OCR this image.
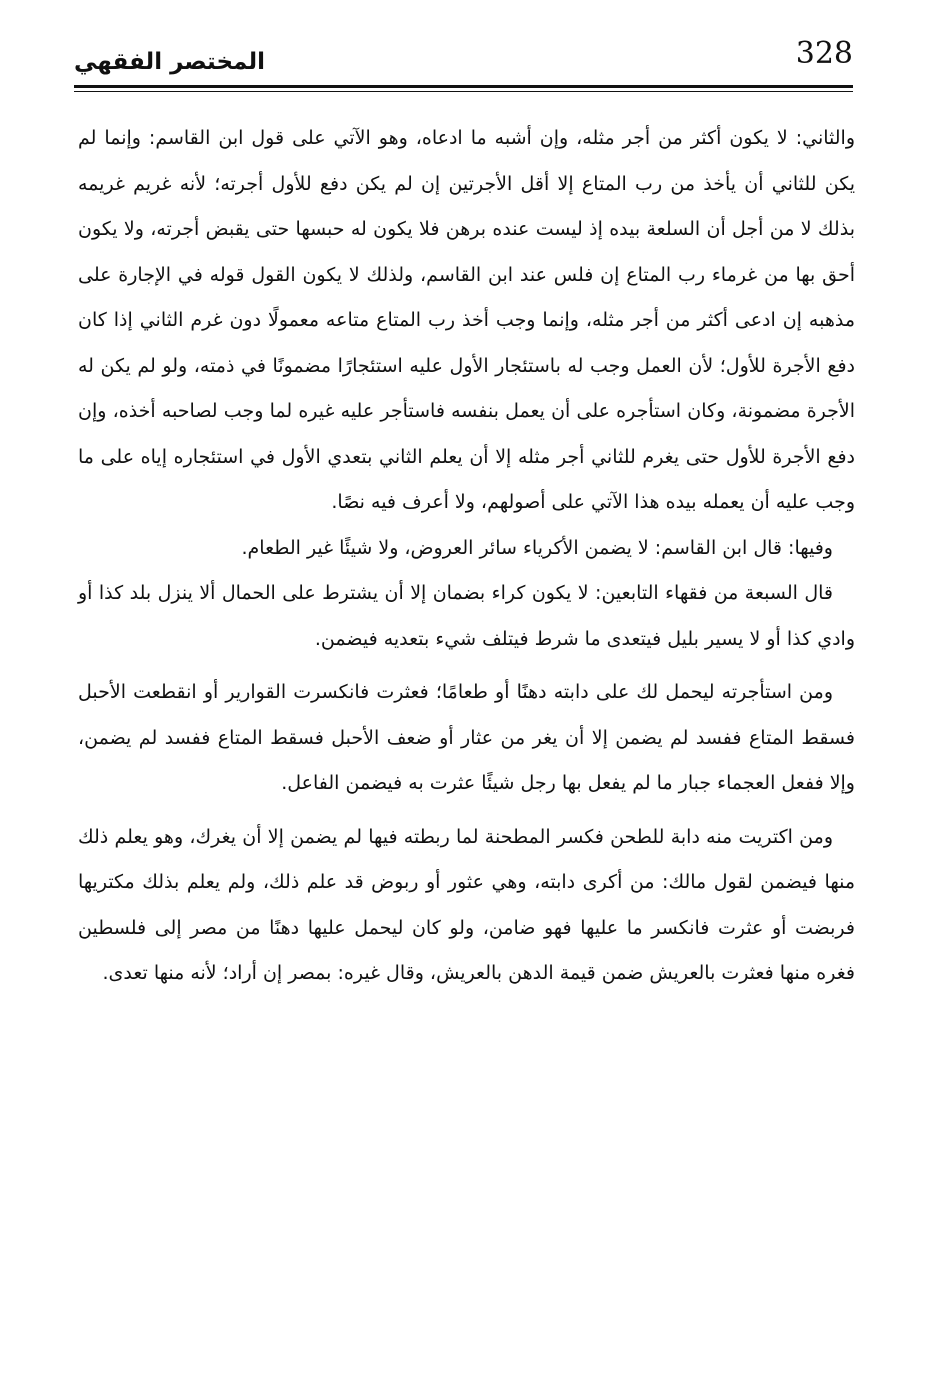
328
المختصر الفقهي

والثاني: لا يكون أكثر من أجر مثله، وإن أشبه ما ادعاه، وهو الآتي على قول ابن القاسم: وإنما لم يكن للثاني أن يأخذ من رب المتاع إلا أقل الأجرتين إن لم يكن دفع للأول أجرته؛ لأنه غريم غريمه بذلك لا من أجل أن السلعة بيده إذ ليست عنده برهن فلا يكون له حبسها حتى يقبض أجرته، ولا يكون أحق بها من غرماء رب المتاع إن فلس عند ابن القاسم، ولذلك لا يكون القول قوله في الإجارة على مذهبه إن ادعى أكثر من أجر مثله، وإنما وجب أخذ رب المتاع متاعه معمولًا دون غرم الثاني إذا كان دفع الأجرة للأول؛ لأن العمل وجب له باستئجار الأول عليه استئجارًا مضمونًا في ذمته، ولو لم يكن له الأجرة مضمونة، وكان استأجره على أن يعمل بنفسه فاستأجر عليه غيره لما وجب لصاحبه أخذه، وإن دفع الأجرة للأول حتى يغرم للثاني أجر مثله إلا أن يعلم الثاني بتعدي الأول في استئجاره إياه على ما وجب عليه أن يعمله بيده هذا الآتي على أصولهم، ولا أعرف فيه نصًا.

وفيها: قال ابن القاسم: لا يضمن الأكرياء سائر العروض، ولا شيئًا غير الطعام.

قال السبعة من فقهاء التابعين: لا يكون كراء بضمان إلا أن يشترط على الحمال ألا ينزل بلد كذا أو وادي كذا أو لا يسير بليل فيتعدى ما شرط فيتلف شيء بتعديه فيضمن.

ومن استأجرته ليحمل لك على دابته دهنًا أو طعامًا؛ فعثرت فانكسرت القوارير أو انقطعت الأحبل فسقط المتاع ففسد لم يضمن إلا أن يغر من عثار أو ضعف الأحبل فسقط المتاع ففسد لم يضمن، وإلا ففعل العجماء جبار ما لم يفعل بها رجل شيئًا عثرت به فيضمن الفاعل.

ومن اكتريت منه دابة للطحن فكسر المطحنة لما ربطته فيها لم يضمن إلا أن يغرك، وهو يعلم ذلك منها فيضمن لقول مالك: من أكرى دابته، وهي عثور أو ربوض قد علم ذلك، ولم يعلم بذلك مكتريها فربضت أو عثرت فانكسر ما عليها فهو ضامن، ولو كان ليحمل عليها دهنًا من مصر إلى فلسطين فغره منها فعثرت بالعريش ضمن قيمة الدهن بالعريش، وقال غيره: بمصر إن أراد؛ لأنه منها تعدى.
